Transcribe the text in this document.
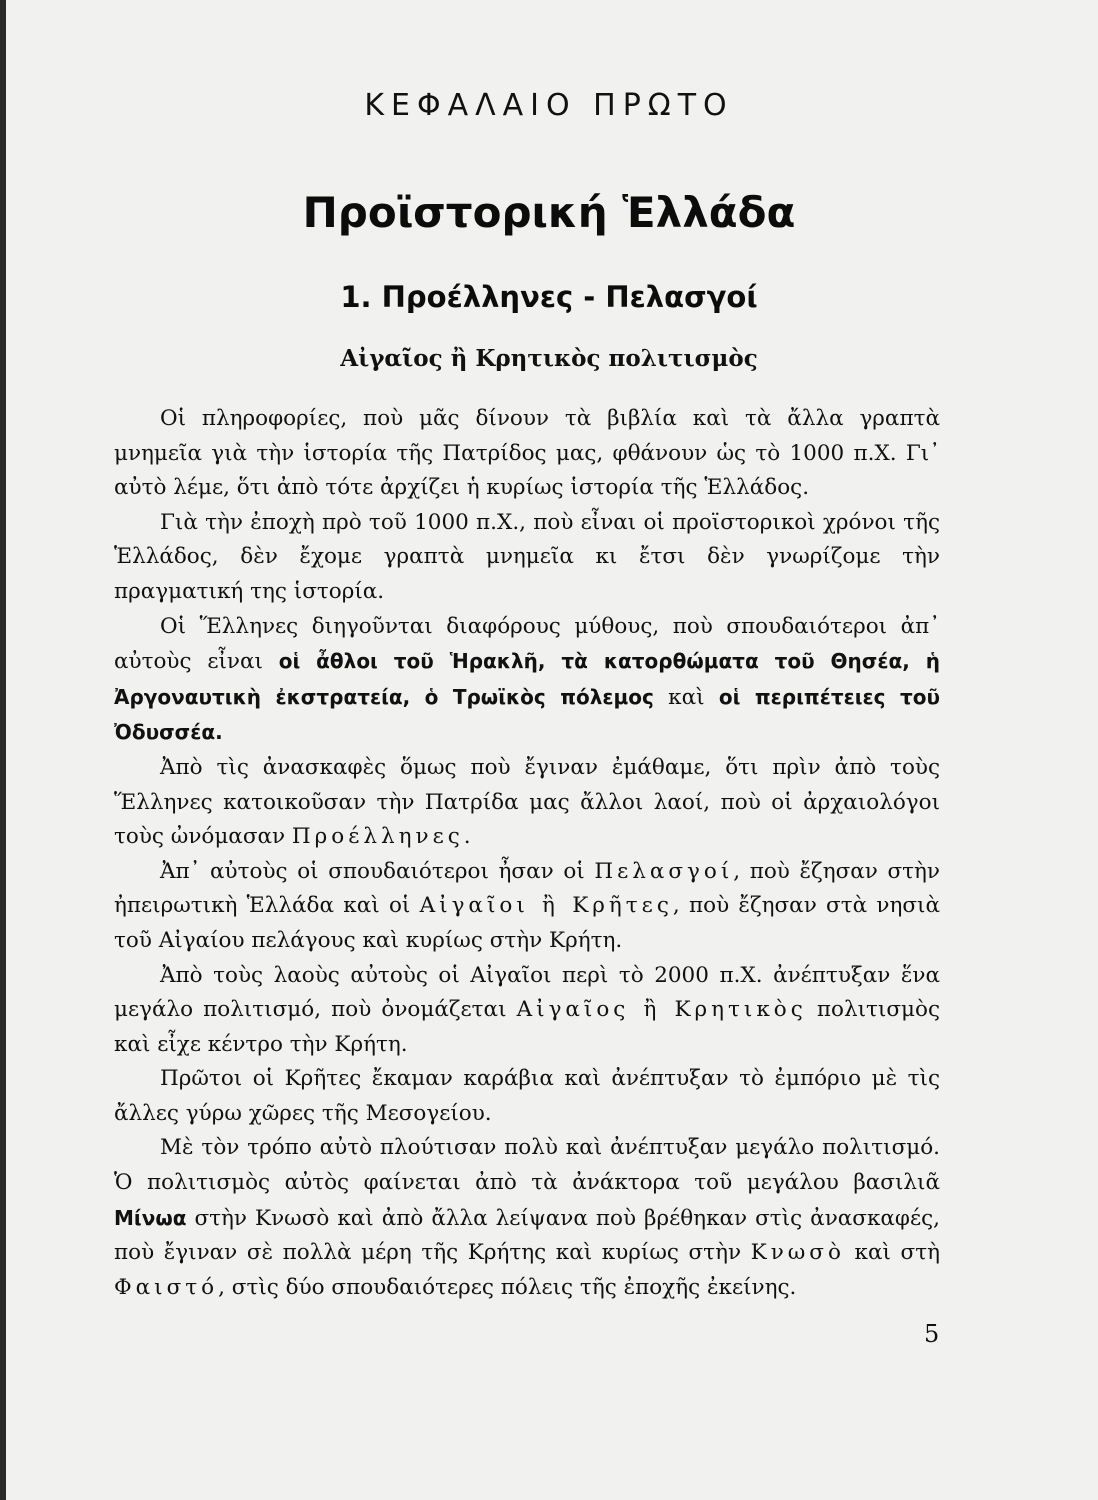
ΚΕΦΑΛΑΙΟ ΠΡΩΤΟ
Προϊστορική Ἑλλάδα
1. Προέλληνες - Πελασγοί
Αἰγαῖος ἢ Κρητικὸς πολιτισμὸς

Οἱ πληροφορίες, ποὺ μᾶς δίνουν τὰ βιβλία καὶ τὰ ἄλλα γραπτὰ μνημεῖα γιὰ τὴν ἱστορία τῆς Πατρίδος μας, φθάνουν ὡς τὸ 1000 π.Χ. Γι᾿ αὐτὸ λέμε, ὅτι ἀπὸ τότε ἀρχίζει ἡ κυρίως ἱστορία τῆς Ἑλλάδος.

Γιὰ τὴν ἐποχὴ πρὸ τοῦ 1000 π.Χ., ποὺ εἶναι οἱ προϊστορικοὶ χρόνοι τῆς Ἑλλάδος, δὲν ἔχομε γραπτὰ μνημεῖα κι ἔτσι δὲν γνωρίζομε τὴν πραγματική της ἱστορία.

Οἱ Ἕλληνες διηγοῦνται διαφόρους μύθους, ποὺ σπουδαιότεροι ἀπ᾿ αὐτοὺς εἶναι οἱ ἆθλοι τοῦ Ἡρακλῆ, τὰ κατορθώματα τοῦ Θησέα, ἡ Ἀργοναυτικὴ ἐκστρατεία, ὁ Τρωϊκὸς πόλεμος καὶ οἱ περιπέτειες τοῦ Ὀδυσσέα.

Ἀπὸ τὶς ἀνασκαφὲς ὅμως ποὺ ἔγιναν ἐμάθαμε, ὅτι πρὶν ἀπὸ τοὺς Ἕλληνες κατοικοῦσαν τὴν Πατρίδα μας ἄλλοι λαοί, ποὺ οἱ ἀρχαιολόγοι τοὺς ὠνόμασαν Προέλληνες.

Ἀπ᾿ αὐτοὺς οἱ σπουδαιότεροι ἦσαν οἱ Πελασγοί, ποὺ ἔζησαν στὴν ἠπειρωτικὴ Ἑλλάδα καὶ οἱ Αἰγαῖοι ἢ Κρῆτες, ποὺ ἔζησαν στὰ νησιὰ τοῦ Αἰγαίου πελάγους καὶ κυρίως στὴν Κρήτη.

Ἀπὸ τοὺς λαοὺς αὐτοὺς οἱ Αἰγαῖοι περὶ τὸ 2000 π.Χ. ἀνέπτυξαν ἕνα μεγάλο πολιτισμό, ποὺ ὀνομάζεται Αἰγαῖος ἢ Κρητικὸς πολιτισμὸς καὶ εἶχε κέντρο τὴν Κρήτη.

Πρῶτοι οἱ Κρῆτες ἔκαμαν καράβια καὶ ἀνέπτυξαν τὸ ἐμπόριο μὲ τὶς ἄλλες γύρω χῶρες τῆς Μεσογείου.

Μὲ τὸν τρόπο αὐτὸ πλούτισαν πολὺ καὶ ἀνέπτυξαν μεγάλο πολιτισμό. Ὁ πολιτισμὸς αὐτὸς φαίνεται ἀπὸ τὰ ἀνάκτορα τοῦ μεγάλου βασιλιᾶ Μίνωα στὴν Κνωσὸ καὶ ἀπὸ ἄλλα λείψανα ποὺ βρέθηκαν στὶς ἀνασκαφές, ποὺ ἔγιναν σὲ πολλὰ μέρη τῆς Κρήτης καὶ κυρίως στὴν Κνωσὸ καὶ στὴ Φαιστό, στὶς δύο σπουδαιότερες πόλεις τῆς ἐποχῆς ἐκείνης.

5
